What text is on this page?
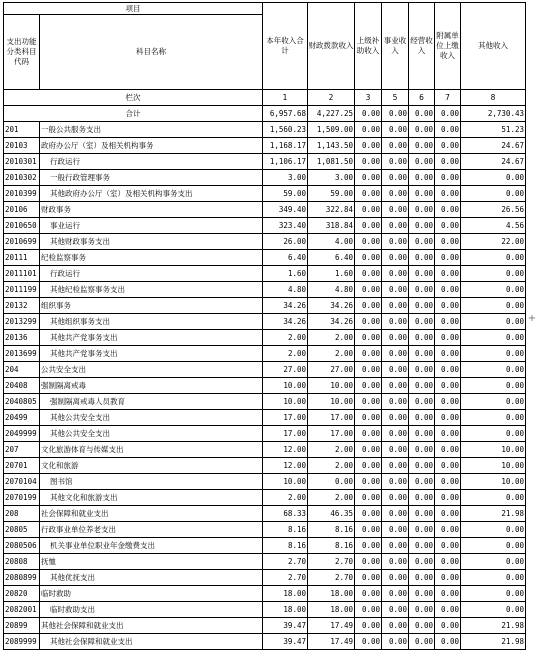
项目		本年收入合计	财政拨款收入	上级补助收入	事业收入	经营收入	附属单位上缴收入	其他收入
支出功能分类科目代码	科目名称							
栏次		1	2	3	5	6	7	8
合计		6,957.68	4,227.25	0.00	0.00	0.00	0.00	2,730.43
201	一般公共服务支出	1,560.23	1,509.00	0.00	0.00	0.00	0.00	51.23
20103	政府办公厅（室）及相关机构事务	1,168.17	1,143.50	0.00	0.00	0.00	0.00	24.67
2010301	行政运行	1,106.17	1,081.50	0.00	0.00	0.00	0.00	24.67
2010302	一般行政管理事务	3.00	3.00	0.00	0.00	0.00	0.00	0.00
2010399	其他政府办公厅（室）及相关机构事务支出	59.00	59.00	0.00	0.00	0.00	0.00	0.00
20106	财政事务	349.40	322.84	0.00	0.00	0.00	0.00	26.56
2010650	事业运行	323.40	318.84	0.00	0.00	0.00	0.00	4.56
2010699	其他财政事务支出	26.00	4.00	0.00	0.00	0.00	0.00	22.00
20111	纪检监察事务	6.40	6.40	0.00	0.00	0.00	0.00	0.00
2011101	行政运行	1.60	1.60	0.00	0.00	0.00	0.00	0.00
2011199	其他纪检监察事务支出	4.80	4.80	0.00	0.00	0.00	0.00	0.00
20132	组织事务	34.26	34.26	0.00	0.00	0.00	0.00	0.00
2013299	其他组织事务支出	34.26	34.26	0.00	0.00	0.00	0.00	0.00
20136	其他共产党事务支出	2.00	2.00	0.00	0.00	0.00	0.00	0.00
2013699	其他共产党事务支出	2.00	2.00	0.00	0.00	0.00	0.00	0.00
204	公共安全支出	27.00	27.00	0.00	0.00	0.00	0.00	0.00
20408	强制隔离戒毒	10.00	10.00	0.00	0.00	0.00	0.00	0.00
2040805	强制隔离戒毒人员教育	10.00	10.00	0.00	0.00	0.00	0.00	0.00
20499	其他公共安全支出	17.00	17.00	0.00	0.00	0.00	0.00	0.00
2049999	其他公共安全支出	17.00	17.00	0.00	0.00	0.00	0.00	0.00
207	文化旅游体育与传媒支出	12.00	2.00	0.00	0.00	0.00	0.00	10.00
20701	文化和旅游	12.00	2.00	0.00	0.00	0.00	0.00	10.00
2070104	图书馆	10.00	0.00	0.00	0.00	0.00	0.00	10.00
2070199	其他文化和旅游支出	2.00	2.00	0.00	0.00	0.00	0.00	0.00
208	社会保障和就业支出	68.33	46.35	0.00	0.00	0.00	0.00	21.98
20805	行政事业单位养老支出	8.16	8.16	0.00	0.00	0.00	0.00	0.00
2080506	机关事业单位职业年金缴费支出	8.16	8.16	0.00	0.00	0.00	0.00	0.00
20808	抚恤	2.70	2.70	0.00	0.00	0.00	0.00	0.00
2080899	其他优抚支出	2.70	2.70	0.00	0.00	0.00	0.00	0.00
20820	临时救助	18.00	18.00	0.00	0.00	0.00	0.00	0.00
2082001	临时救助支出	18.00	18.00	0.00	0.00	0.00	0.00	0.00
20899	其他社会保障和就业支出	39.47	17.49	0.00	0.00	0.00	0.00	21.98
2089999	其他社会保障和就业支出	39.47	17.49	0.00	0.00	0.00	0.00	21.98
+
